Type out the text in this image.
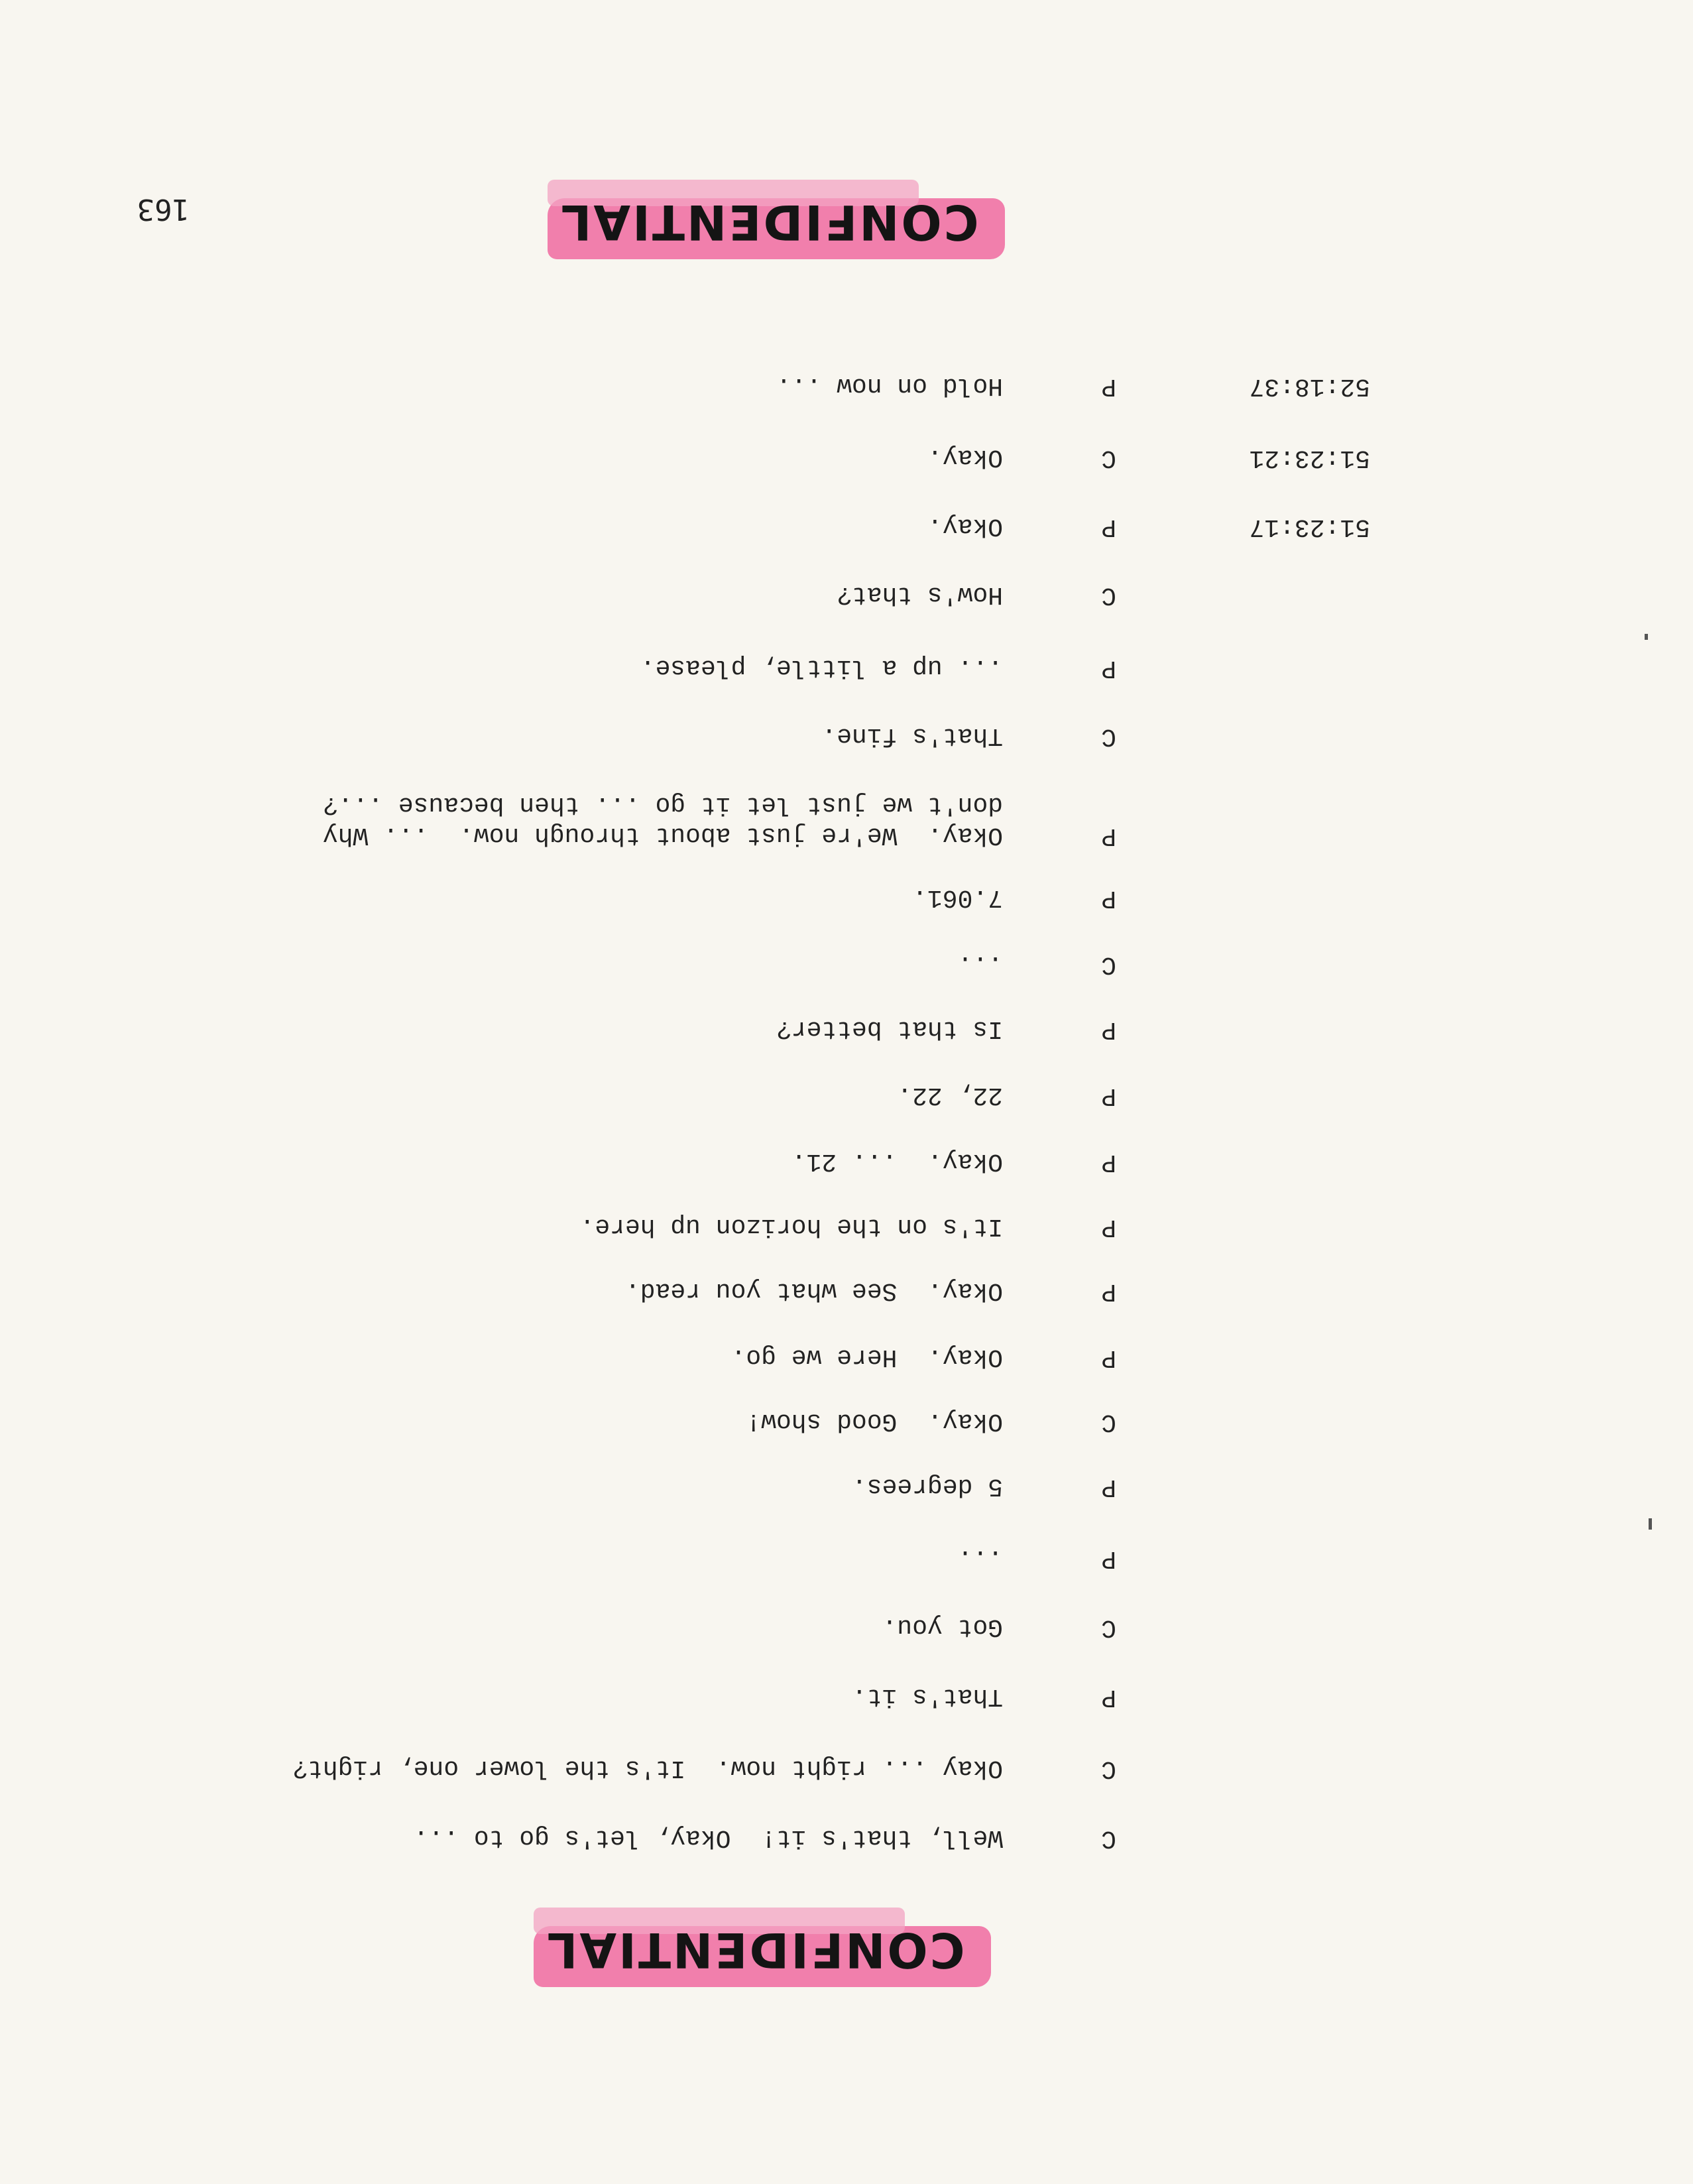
CONFIDENTIAL
163
C
Well, that's it!  Okay, let's go to ...
C
Okay ... right now.  It's the lower one, right?
P
That's it.
C
Got you.
P
...
P
5 degrees.
C
Okay.  Good show!
P
Okay.  Here we go.
P
Okay.  See what you read.
P
It's on the horizon up here.
P
Okay.  ... 21.
P
22, 22.
P
Is that better?
C
...
P
7.061.
P
Okay.  We're just about through now.  ... Why
don't we just let it go ... then because ...?
C
That's fine.
P
... up a little, please.
C
How's that?
51:23:17
P
Okay.
51:23:21
C
Okay.
52:18:37
P
Hold on now ...
CONFIDENTIAL
